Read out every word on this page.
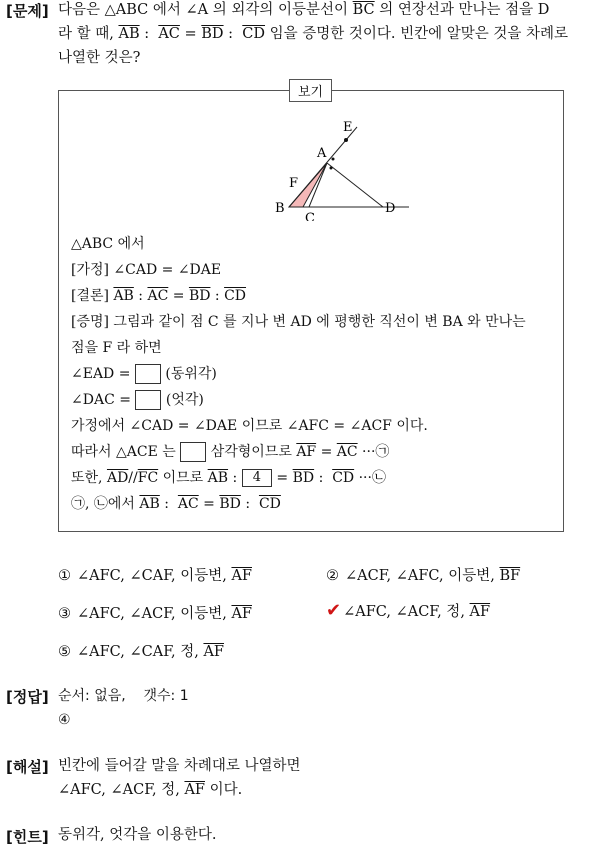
[문제] 다음은 △ABC 에서 ∠A 의 외각의 이등분선이 $\overline{BC}$ 의 연장선과 만나는 점을 D
라 할 때, $\overline{AB}$ :  $\overline{AC} = \overline{BD}$ :  $\overline{CD}$ 임을 증명한 것이다. 빈칸에 알맞은 것을 차례로
나열한 것은?
보기
E
A
F
B
C
D
△ABC 에서
[가정] ∠CAD = ∠DAE
[결론] $\overline{AB}$ : $\overline{AC} = \overline{BD}$ : $\overline{CD}$
[증명] 그림과 같이 점 C 를 지나 변 AD 에 평행한 직선이 변 BA 와 만나는
점을 F 라 하면
∠EAD =  (동위각)
∠DAC =  (엇각)
가정에서 ∠CAD = ∠DAE 이므로 ∠AFC = ∠ACF 이다.
따라서 △ACE 는  삼각형이므로 $\overline{AF} = \overline{AC}$ ···㉠
또한, $\overline{AD}//\overline{FC}$ 이므로 $\overline{AB}$ : $4 = \overline{BD}$ :  $\overline{CD}$ ···㉡
㉠, ㉡에서 $\overline{AB}$ :  $\overline{AC} = \overline{BD}$ :  $\overline{CD}$
① ∠AFC, ∠CAF, 이등변, $\overline{AF}$	② ∠ACF, ∠AFC, 이등변, $\overline{BF}$
③ ∠AFC, ∠ACF, 이등변, $\overline{AF}$	✔ ∠AFC, ∠ACF, 정, $\overline{AF}$
⑤ ∠AFC, ∠CAF, 정, $\overline{AF}$
[정답] 순서: 없음,    갯수: 1
④
[해설] 빈칸에 들어갈 말을 차례대로 나열하면
∠AFC, ∠ACF, 정, $\overline{AF}$ 이다.
[힌트] 동위각, 엇각을 이용한다.
